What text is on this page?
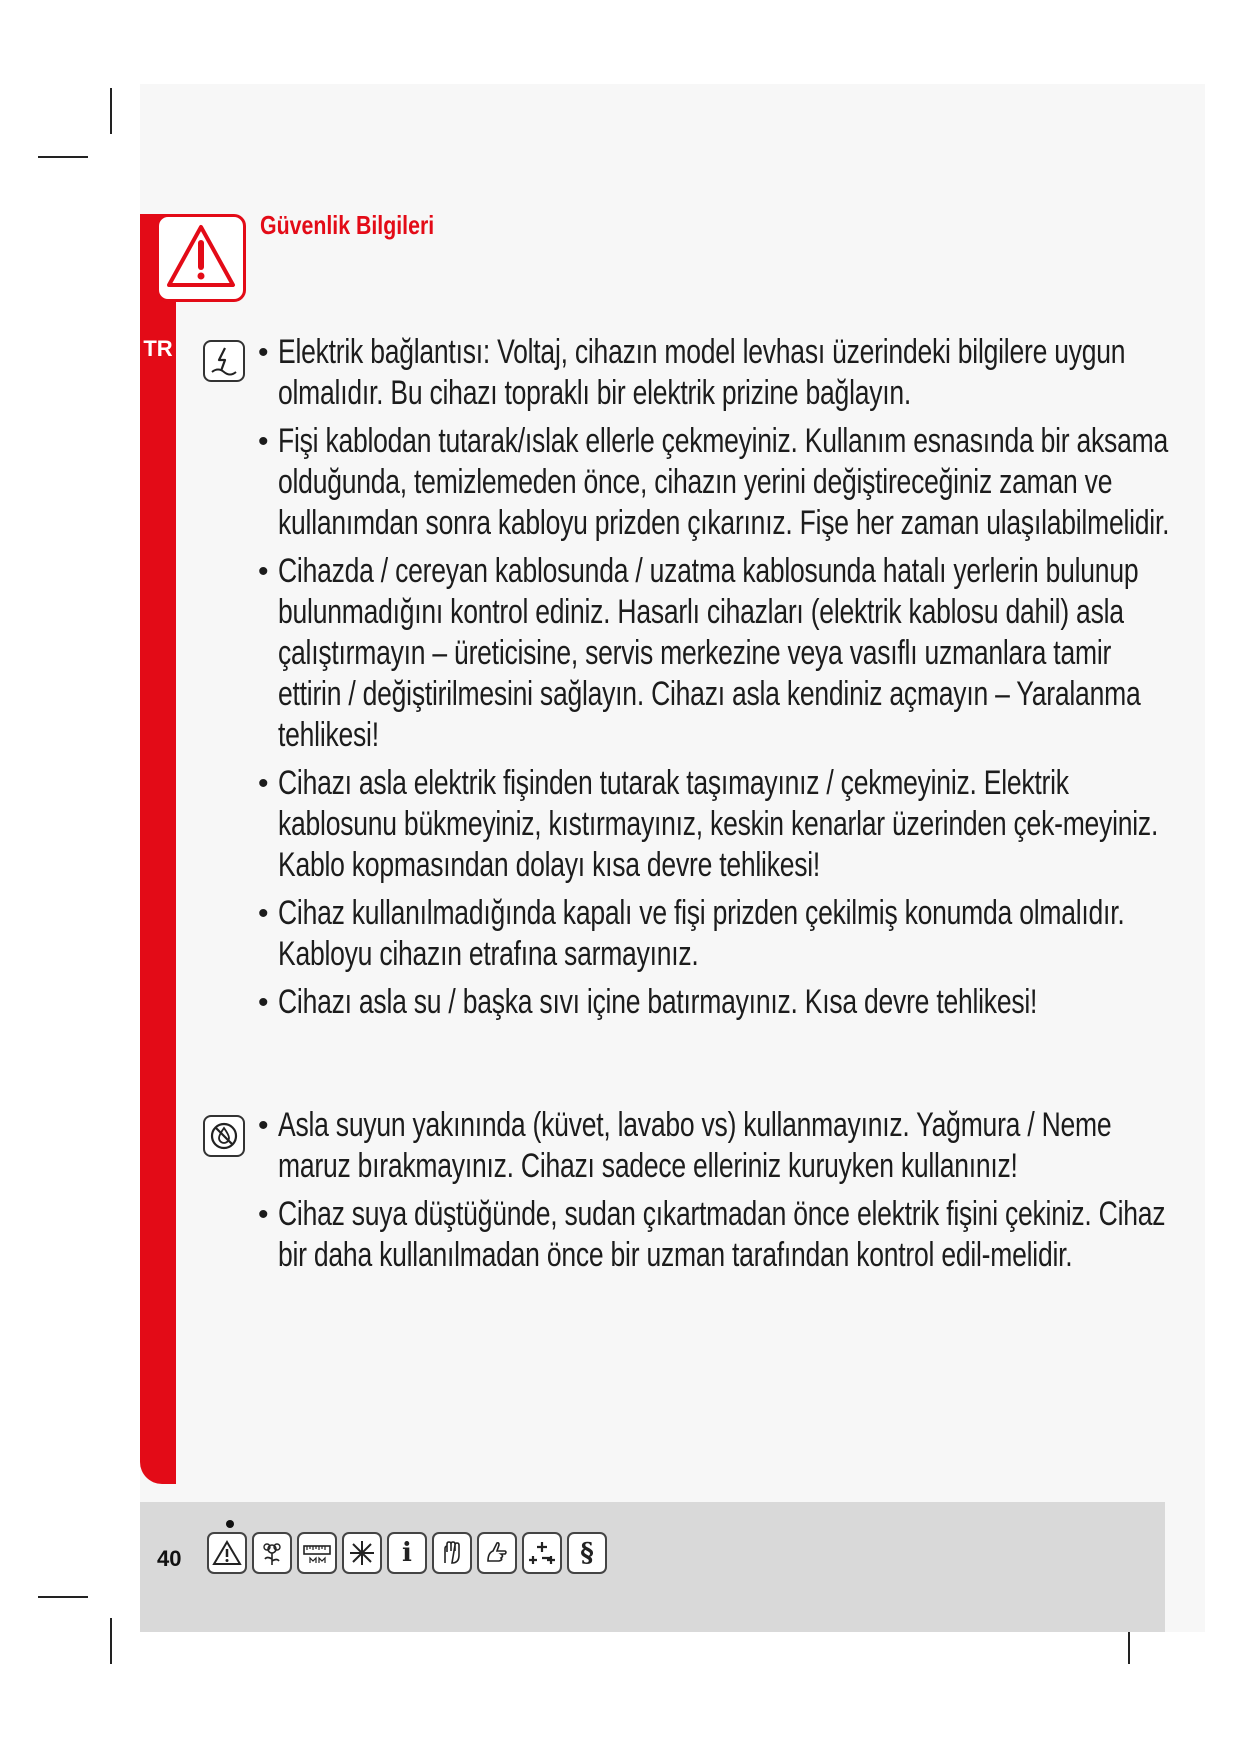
TR
Güvenlik Bilgileri
• Elektrik bağlantısı: Voltaj, cihazın model levhası üzerindeki bilgilere uygun olmalıdır. Bu cihazı topraklı bir elektrik prizine bağlayın.
• Fişi kablodan tutarak/ıslak ellerle çekmeyiniz. Kullanım esnasında bir aksama olduğunda, temizlemeden önce, cihazın yerini değiştireceğiniz zaman ve kullanımdan sonra kabloyu prizden çıkarınız. Fişe her zaman ulaşılabilmelidir.
• Cihazda / cereyan kablosunda / uzatma kablosunda hatalı yerlerin bulunup bulunmadığını kontrol ediniz. Hasarlı cihazları (elektrik kablosu dahil) asla çalıştırmayın – üreticisine, servis merkezine veya vasıflı uzmanlara tamir ettirin / değiştirilmesini sağlayın. Cihazı asla kendiniz açmayın – Yaralanma tehlikesi!
• Cihazı asla elektrik fişinden tutarak taşımayınız / çekmeyiniz. Elektrik kablosunu bükmeyiniz, kıstırmayınız, keskin kenarlar üzerinden çek-meyiniz. Kablo kopmasından dolayı kısa devre tehlikesi!
• Cihaz kullanılmadığında kapalı ve fişi prizden çekilmiş konumda olmalıdır. Kabloyu cihazın etrafına sarmayınız.
• Cihazı asla su / başka sıvı içine batırmayınız. Kısa devre tehlikesi!
• Asla suyun yakınında (küvet, lavabo vs) kullanmayınız. Yağmura / Neme maruz bırakmayınız. Cihazı sadece elleriniz kuruyken kullanınız!
• Cihaz suya düştüğünde, sudan çıkartmadan önce elektrik fişini çekiniz. Cihaz bir daha kullanılmadan önce bir uzman tarafından kontrol edil-melidir.
40	i	§
